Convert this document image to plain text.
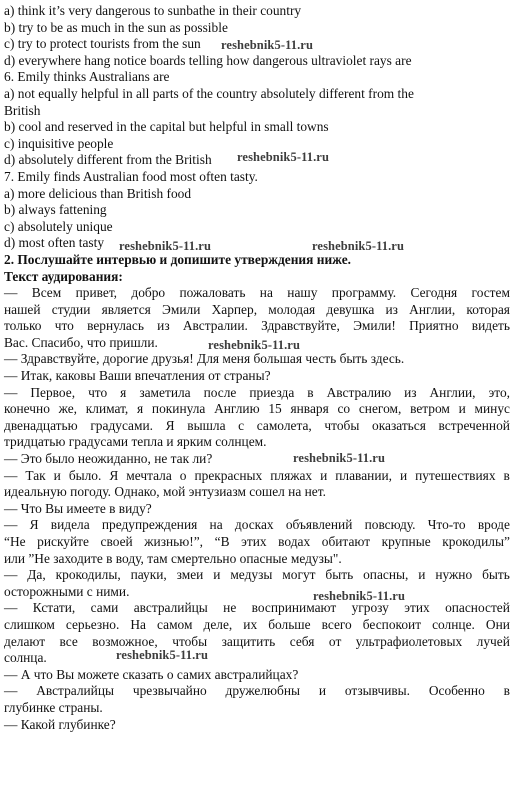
a) think it’s very dangerous to sunbathe in their country
b) try to be as much in the sun as possible
c) try to protect tourists from the sun reshebnik5-11.ru
d) everywhere hang notice boards telling how dangerous ultraviolet rays are
6. Emily thinks Australians are
a) not equally helpful in all parts of the country absolutely different from the
British
b) cool and reserved in the capital but helpful in small towns
c) inquisitive people
d) absolutely different from the British reshebnik5-11.ru
7. Emily finds Australian food most often tasty.
a) more delicious than British food
b) always fattening
c) absolutely unique
d) most often tasty reshebnik5-11.ru	reshebnik5-11.ru
2. Послушайте интервью и допишите утверждения ниже.
Текст аудирования:
— Всем привет, добро пожаловать на нашу программу. Сегодня гостем
нашей студии является Эмили Харпер, молодая девушка из Англии, которая
только что вернулась из Австралии. Здравствуйте, Эмили! Приятно видеть
Вас. Спасибо, что пришли.	reshebnik5-11.ru
— Здравствуйте, дорогие друзья! Для меня большая честь быть здесь.
— Итак, каковы Ваши впечатления от страны?
— Первое, что я заметила после приезда в Австралию из Англии, это,
конечно же, климат, я покинула Англию 15 января со снегом, ветром и минус
двенадцатью градусами. Я вышла с самолета, чтобы оказаться встреченной
тридцатью градусами тепла и ярким солнцем.
— Это было неожиданно, не так ли?	reshebnik5-11.ru
— Так и было. Я мечтала о прекрасных пляжах и плавании, и путешествиях в
идеальную погоду. Однако, мой энтузиазм сошел на нет.
— Что Вы имеете в виду?
— Я видела предупреждения на досках объявлений повсюду. Что-то вроде
“Не рискуйте своей жизнью!”, “В этих водах обитают крупные крокодилы”
или ”Не заходите в воду, там смертельно опасные медузы".
— Да, крокодилы, пауки, змеи и медузы могут быть опасны, и нужно быть
осторожными с ними.	reshebnik5-11.ru
— Кстати, сами австралийцы не воспринимают угрозу этих опасностей
слишком серьезно. На самом деле, их больше всего беспокоит солнце. Они
делают все возможное, чтобы защитить себя от ультрафиолетовых лучей
солнца.	reshebnik5-11.ru
— А что Вы можете сказать о самих австралийцах?
— Австралийцы чрезвычайно дружелюбны и отзывчивы. Особенно в
глубинке страны.
— Какой глубинке?
